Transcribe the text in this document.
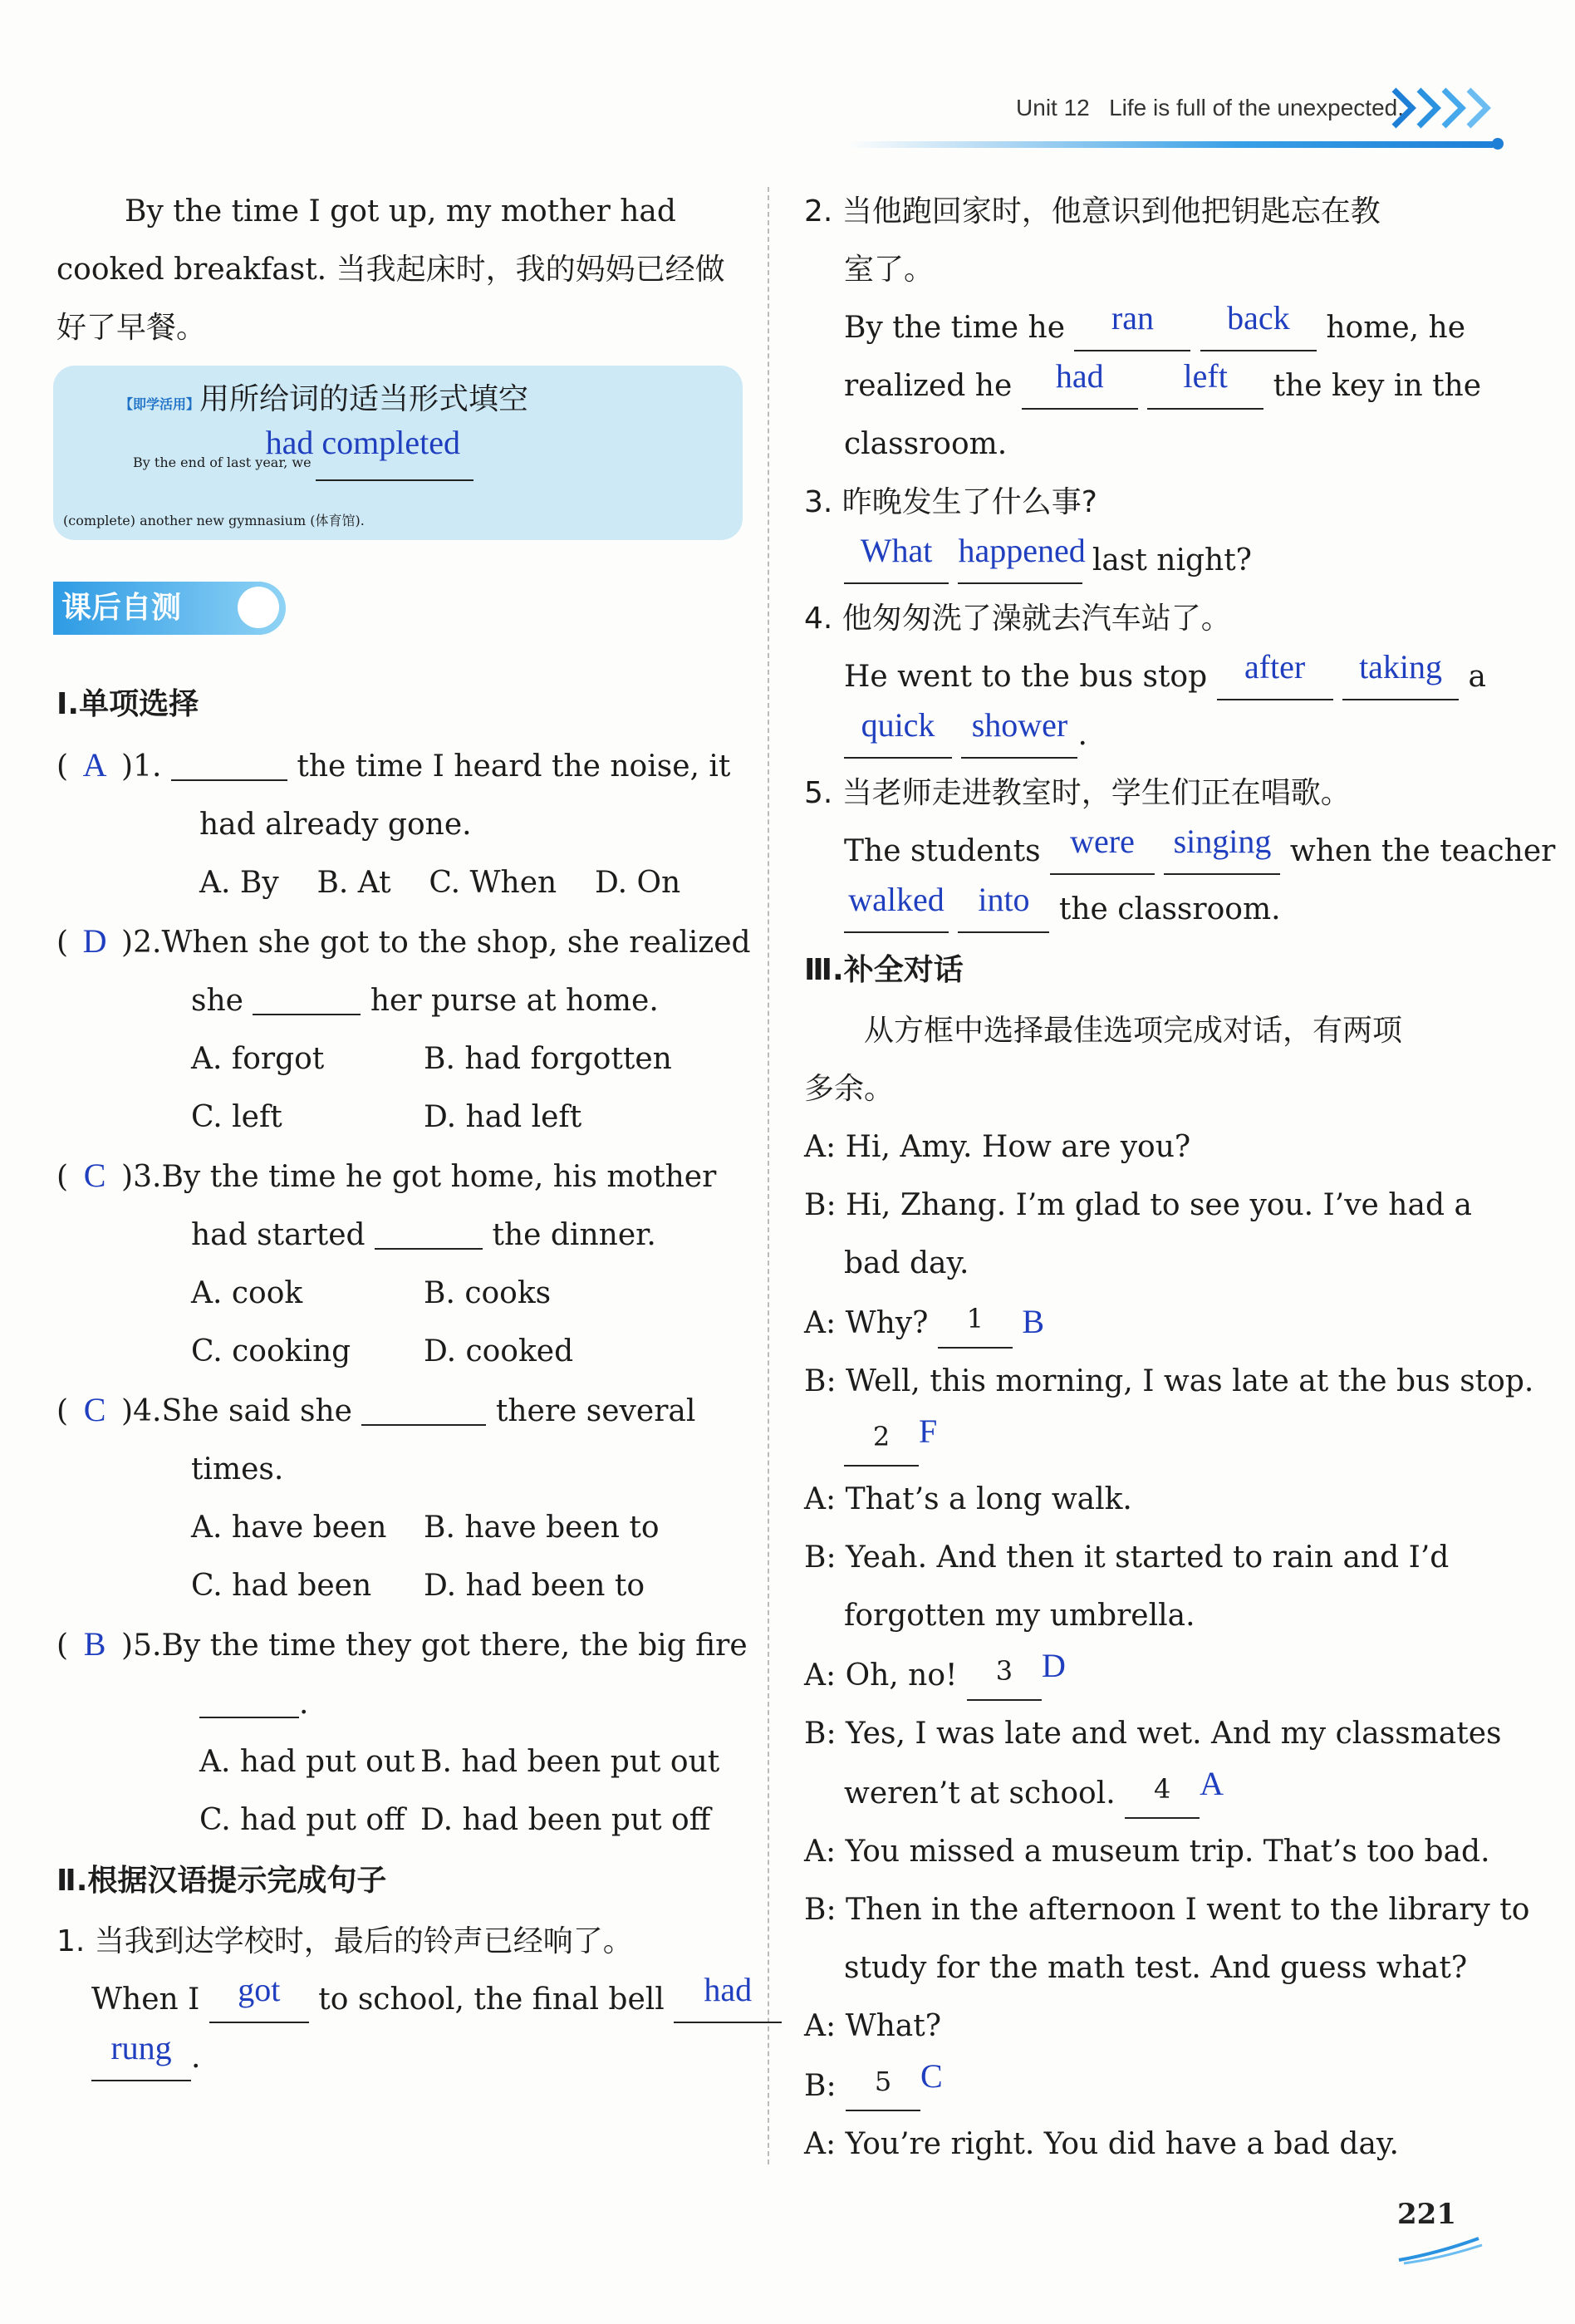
Unit 12 Life is full of the unexpected.
By the time I got up, my mother had
cooked breakfast. 当我起床时，我的妈妈已经做
好了早餐。
【即学活用】用所给词的适当形式填空
By the end of last year, we had completed
(complete) another new gymnasium (体育馆).
课后自测
Ⅰ.单项选择
( A )1.	the time I heard the noise, it
had already gone.
A. By    B. At    C. When    D. On
( D )2.When she got to the shop, she realized
she	her purse at home.
A. forgot	B. had forgotten
C. left	D. had left
( C )3.By the time he got home, his mother
had started	the dinner.
A. cook	B. cooks
C. cooking D. cooked
( C )4.She said she	there several
times.
A. have been B. have been to
C. had been D. had been to
( B )5.By the time they got there, the big fire
.
A. had put out B. had been put out
C. had put off D. had been put off
Ⅱ.根据汉语提示完成句子
1. 当我到达学校时，最后的铃声已经响了。
When I got to school, the final bell had
rung .
2. 当他跑回家时，他意识到他把钥匙忘在教
室了。
By the time he ran back home, he
realized he had left the key in the
classroom.
3. 昨晚发生了什么事?
What happened last night?
4. 他匆匆洗了澡就去汽车站了。
He went to the bus stop after taking a
quick shower .
5. 当老师走进教室时，学生们正在唱歌。
The students were singing when the teacher
walked into the classroom.
Ⅲ.补全对话
从方框中选择最佳选项完成对话，有两项
多余。
A: Hi, Amy. How are you?
B: Hi, Zhang. I’m glad to see you. I’ve had a
bad day.
A: Why? 1 B
B: Well, this morning, I was late at the bus stop.
2 F
A: That’s a long walk.
B: Yeah. And then it started to rain and I’d
forgotten my umbrella.
A: Oh, no! 3 D
B: Yes, I was late and wet. And my classmates
weren’t at school. 4 A
A: You missed a museum trip. That’s too bad.
B: Then in the afternoon I went to the library to
study for the math test. And guess what?
A: What?
B: 5 C
A: You’re right. You did have a bad day.
221
